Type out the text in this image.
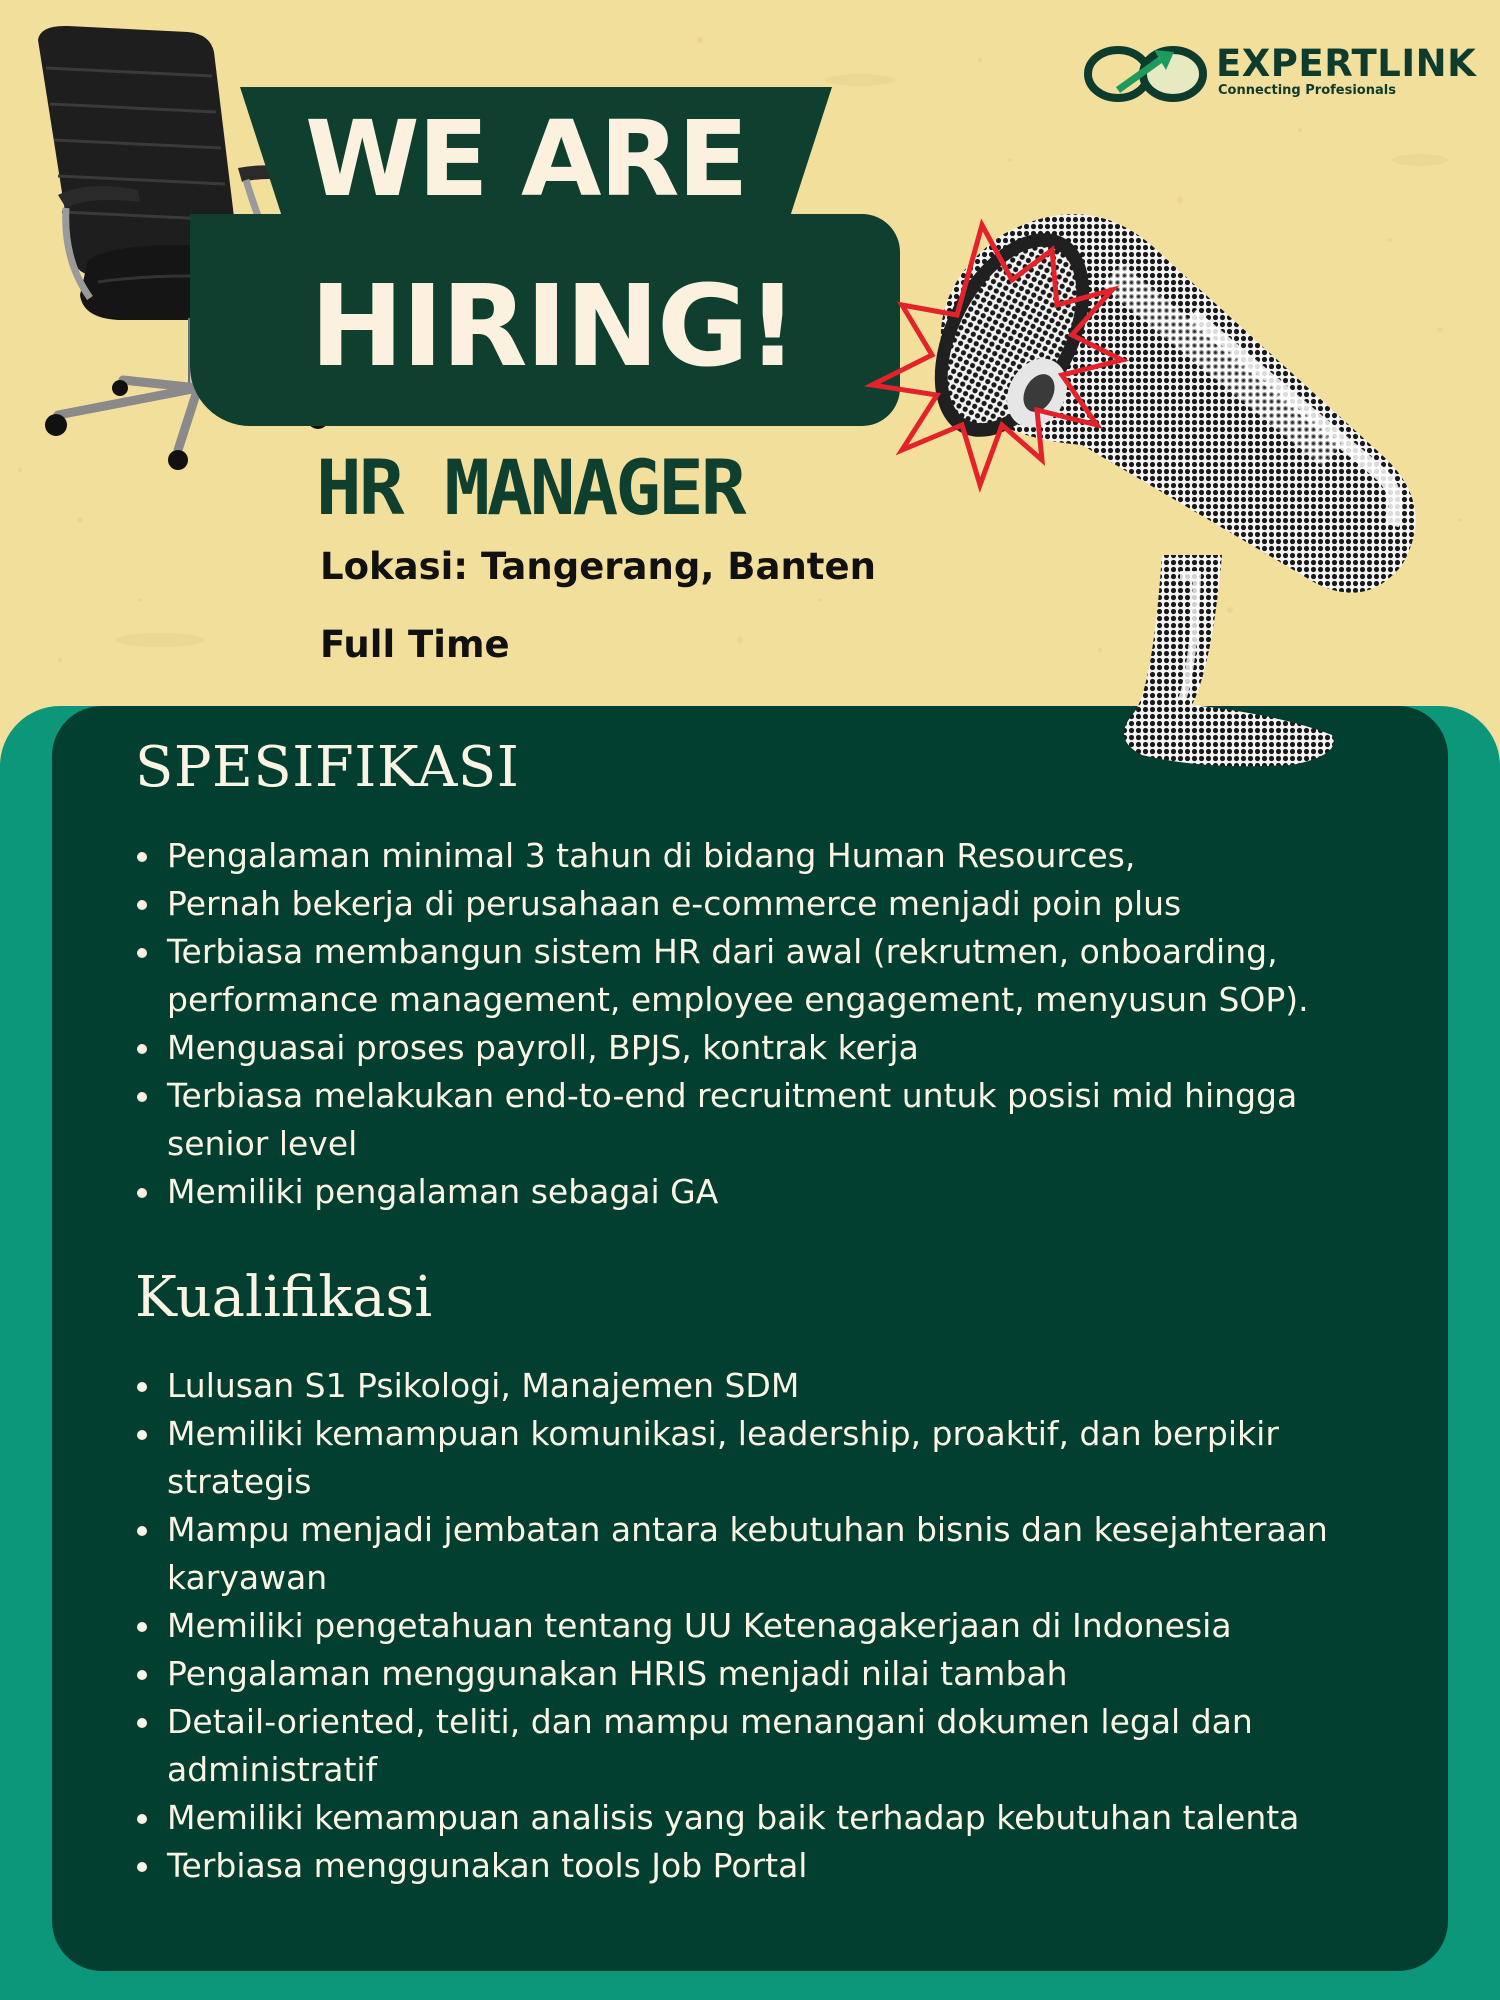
EXPERTLINK
Connecting Profesionals
WE ARE
HIRING!
HR MANAGER
Lokasi: Tangerang, Banten
Full Time
SPESIFIKASI
Pengalaman minimal 3 tahun di bidang Human Resources,
Pernah bekerja di perusahaan e-commerce menjadi poin plus
Terbiasa membangun sistem HR dari awal (rekrutmen, onboarding, performance management, employee engagement, menyusun SOP).
Menguasai proses payroll, BPJS, kontrak kerja
Terbiasa melakukan end-to-end recruitment untuk posisi mid hingga senior level
Memiliki pengalaman sebagai GA
Kualifikasi
Lulusan S1 Psikologi, Manajemen SDM
Memiliki kemampuan komunikasi, leadership, proaktif, dan berpikir strategis
Mampu menjadi jembatan antara kebutuhan bisnis dan kesejahteraan karyawan
Memiliki pengetahuan tentang UU Ketenagakerjaan di Indonesia
Pengalaman menggunakan HRIS menjadi nilai tambah
Detail-oriented, teliti, dan mampu menangani dokumen legal dan administratif
Memiliki kemampuan analisis yang baik terhadap kebutuhan talenta
Terbiasa menggunakan tools Job Portal
